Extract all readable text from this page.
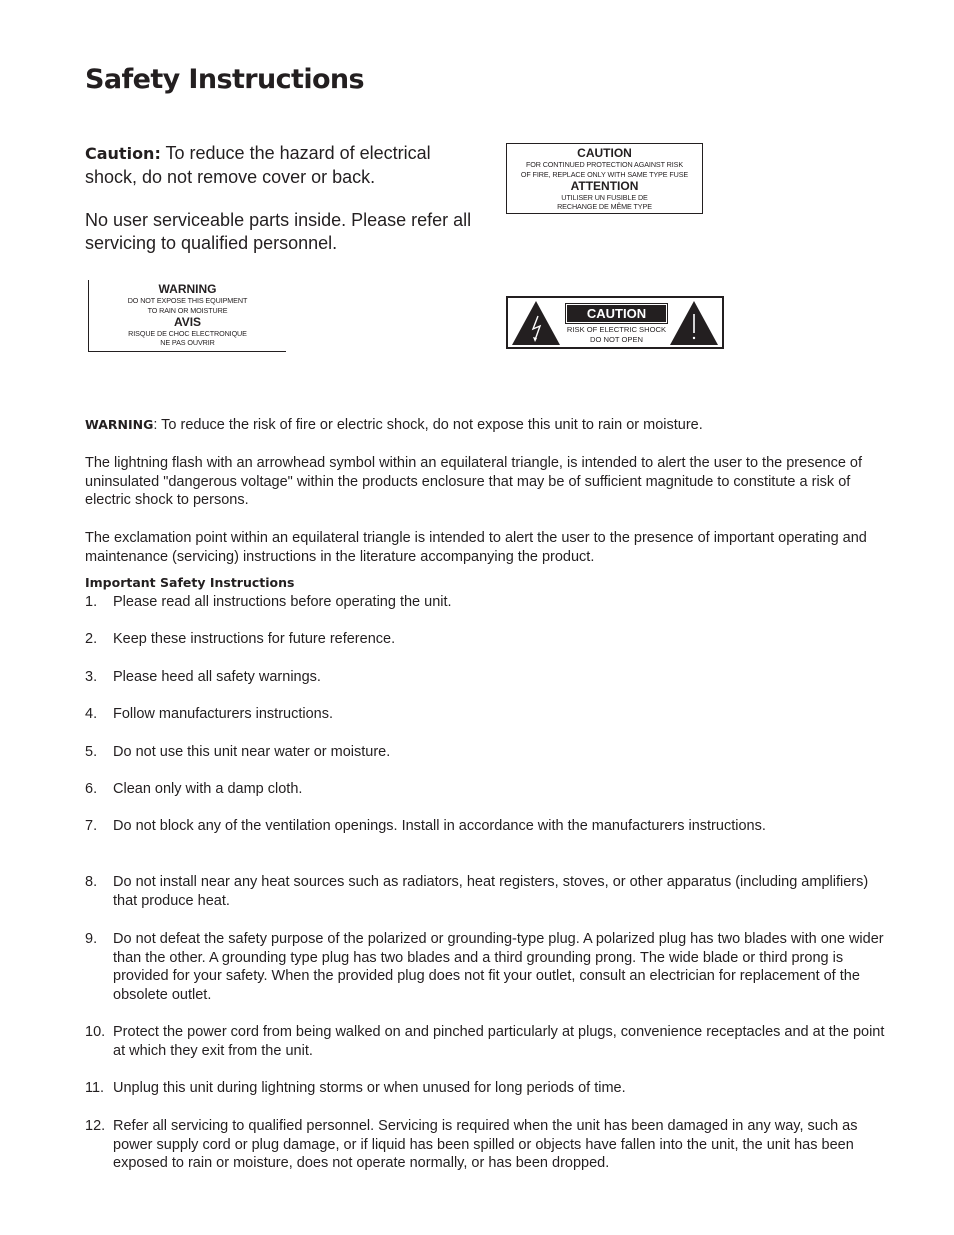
Safety Instructions
Caution: To reduce the hazard of electrical shock, do not remove cover or back.
No user serviceable parts inside. Please refer all servicing to qualified personnel.
CAUTION
FOR CONTINUED PROTECTION AGAINST RISK
OF FIRE, REPLACE ONLY WITH SAME TYPE FUSE
ATTENTION
UTILISER UN FUSIBLE DE
RECHANGE DE MÊME TYPE
WARNING
DO NOT EXPOSE THIS EQUIPMENT
TO RAIN OR MOISTURE
AVIS
RISQUE DE CHOC ELECTRONIQUE
NE PAS OUVRIR
CAUTION
RISK OF ELECTRIC SHOCK
DO NOT OPEN
WARNING: To reduce the risk of fire or electric shock, do not expose this unit to rain or moisture.
The lightning flash with an arrowhead symbol within an equilateral triangle, is intended to alert the user to the presence of uninsulated "dangerous voltage" within the products enclosure that may be of sufficient magnitude to constitute a risk of electric shock to persons.
The exclamation point within an equilateral triangle is intended to alert the user to the presence of important operating and maintenance (servicing) instructions in the literature accompanying the product.
Important Safety Instructions
1.	Please read all instructions before operating the unit.
2.	Keep these instructions for future reference.
3.	Please heed all safety warnings.
4.	Follow manufacturers instructions.
5.	Do not use this unit near water or moisture.
6.	Clean only with a damp cloth.
7.	Do not block any of the ventilation openings. Install in accordance with the manufacturers instructions.
8.	Do not install near any heat sources such as radiators, heat registers, stoves, or other apparatus (including amplifiers) that produce heat.
9.	Do not defeat the safety purpose of the polarized or grounding-type plug. A polarized plug has two blades with one wider than the other. A grounding type plug has two blades and a third grounding prong. The wide blade or third prong is provided for your safety. When the provided plug does not fit your outlet, consult an electrician for replacement of the obsolete outlet.
10. Protect the power cord from being walked on and pinched particularly at plugs, convenience receptacles and at the point at which they exit from the unit.
11. Unplug this unit during lightning storms or when unused for long periods of time.
12. Refer all servicing to qualified personnel. Servicing is required when the unit has been damaged in any way, such as power supply cord or plug damage, or if liquid has been spilled or objects have fallen into the unit, the unit has been exposed to rain or moisture, does not operate normally, or has been dropped.
